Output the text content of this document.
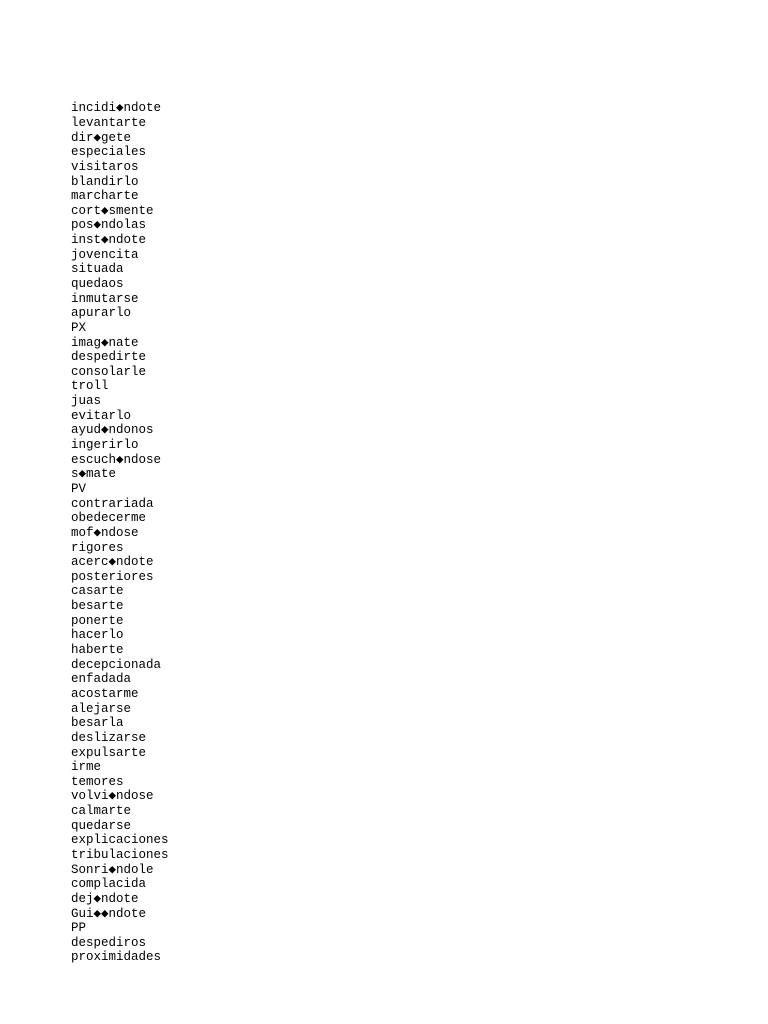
incidi◆ndote
levantarte
dir◆gete
especiales
visitaros
blandirlo
marcharte
cort◆smente
pos◆ndolas
inst◆ndote
jovencita
situada
quedaos
inmutarse
apurarlo
PX
imag◆nate
despedirte
consolarle
troll
juas
evitarlo
ayud◆ndonos
ingerirlo
escuch◆ndose
s◆mate
PV
contrariada
obedecerme
mof◆ndose
rigores
acerc◆ndote
posteriores
casarte
besarte
ponerte
hacerlo
haberte
decepcionada
enfadada
acostarme
alejarse
besarla
deslizarse
expulsarte
irme
temores
volvi◆ndose
calmarte
quedarse
explicaciones
tribulaciones
Sonri◆ndole
complacida
dej◆ndote
Gui◆◆ndote
PP
despediros
proximidades
